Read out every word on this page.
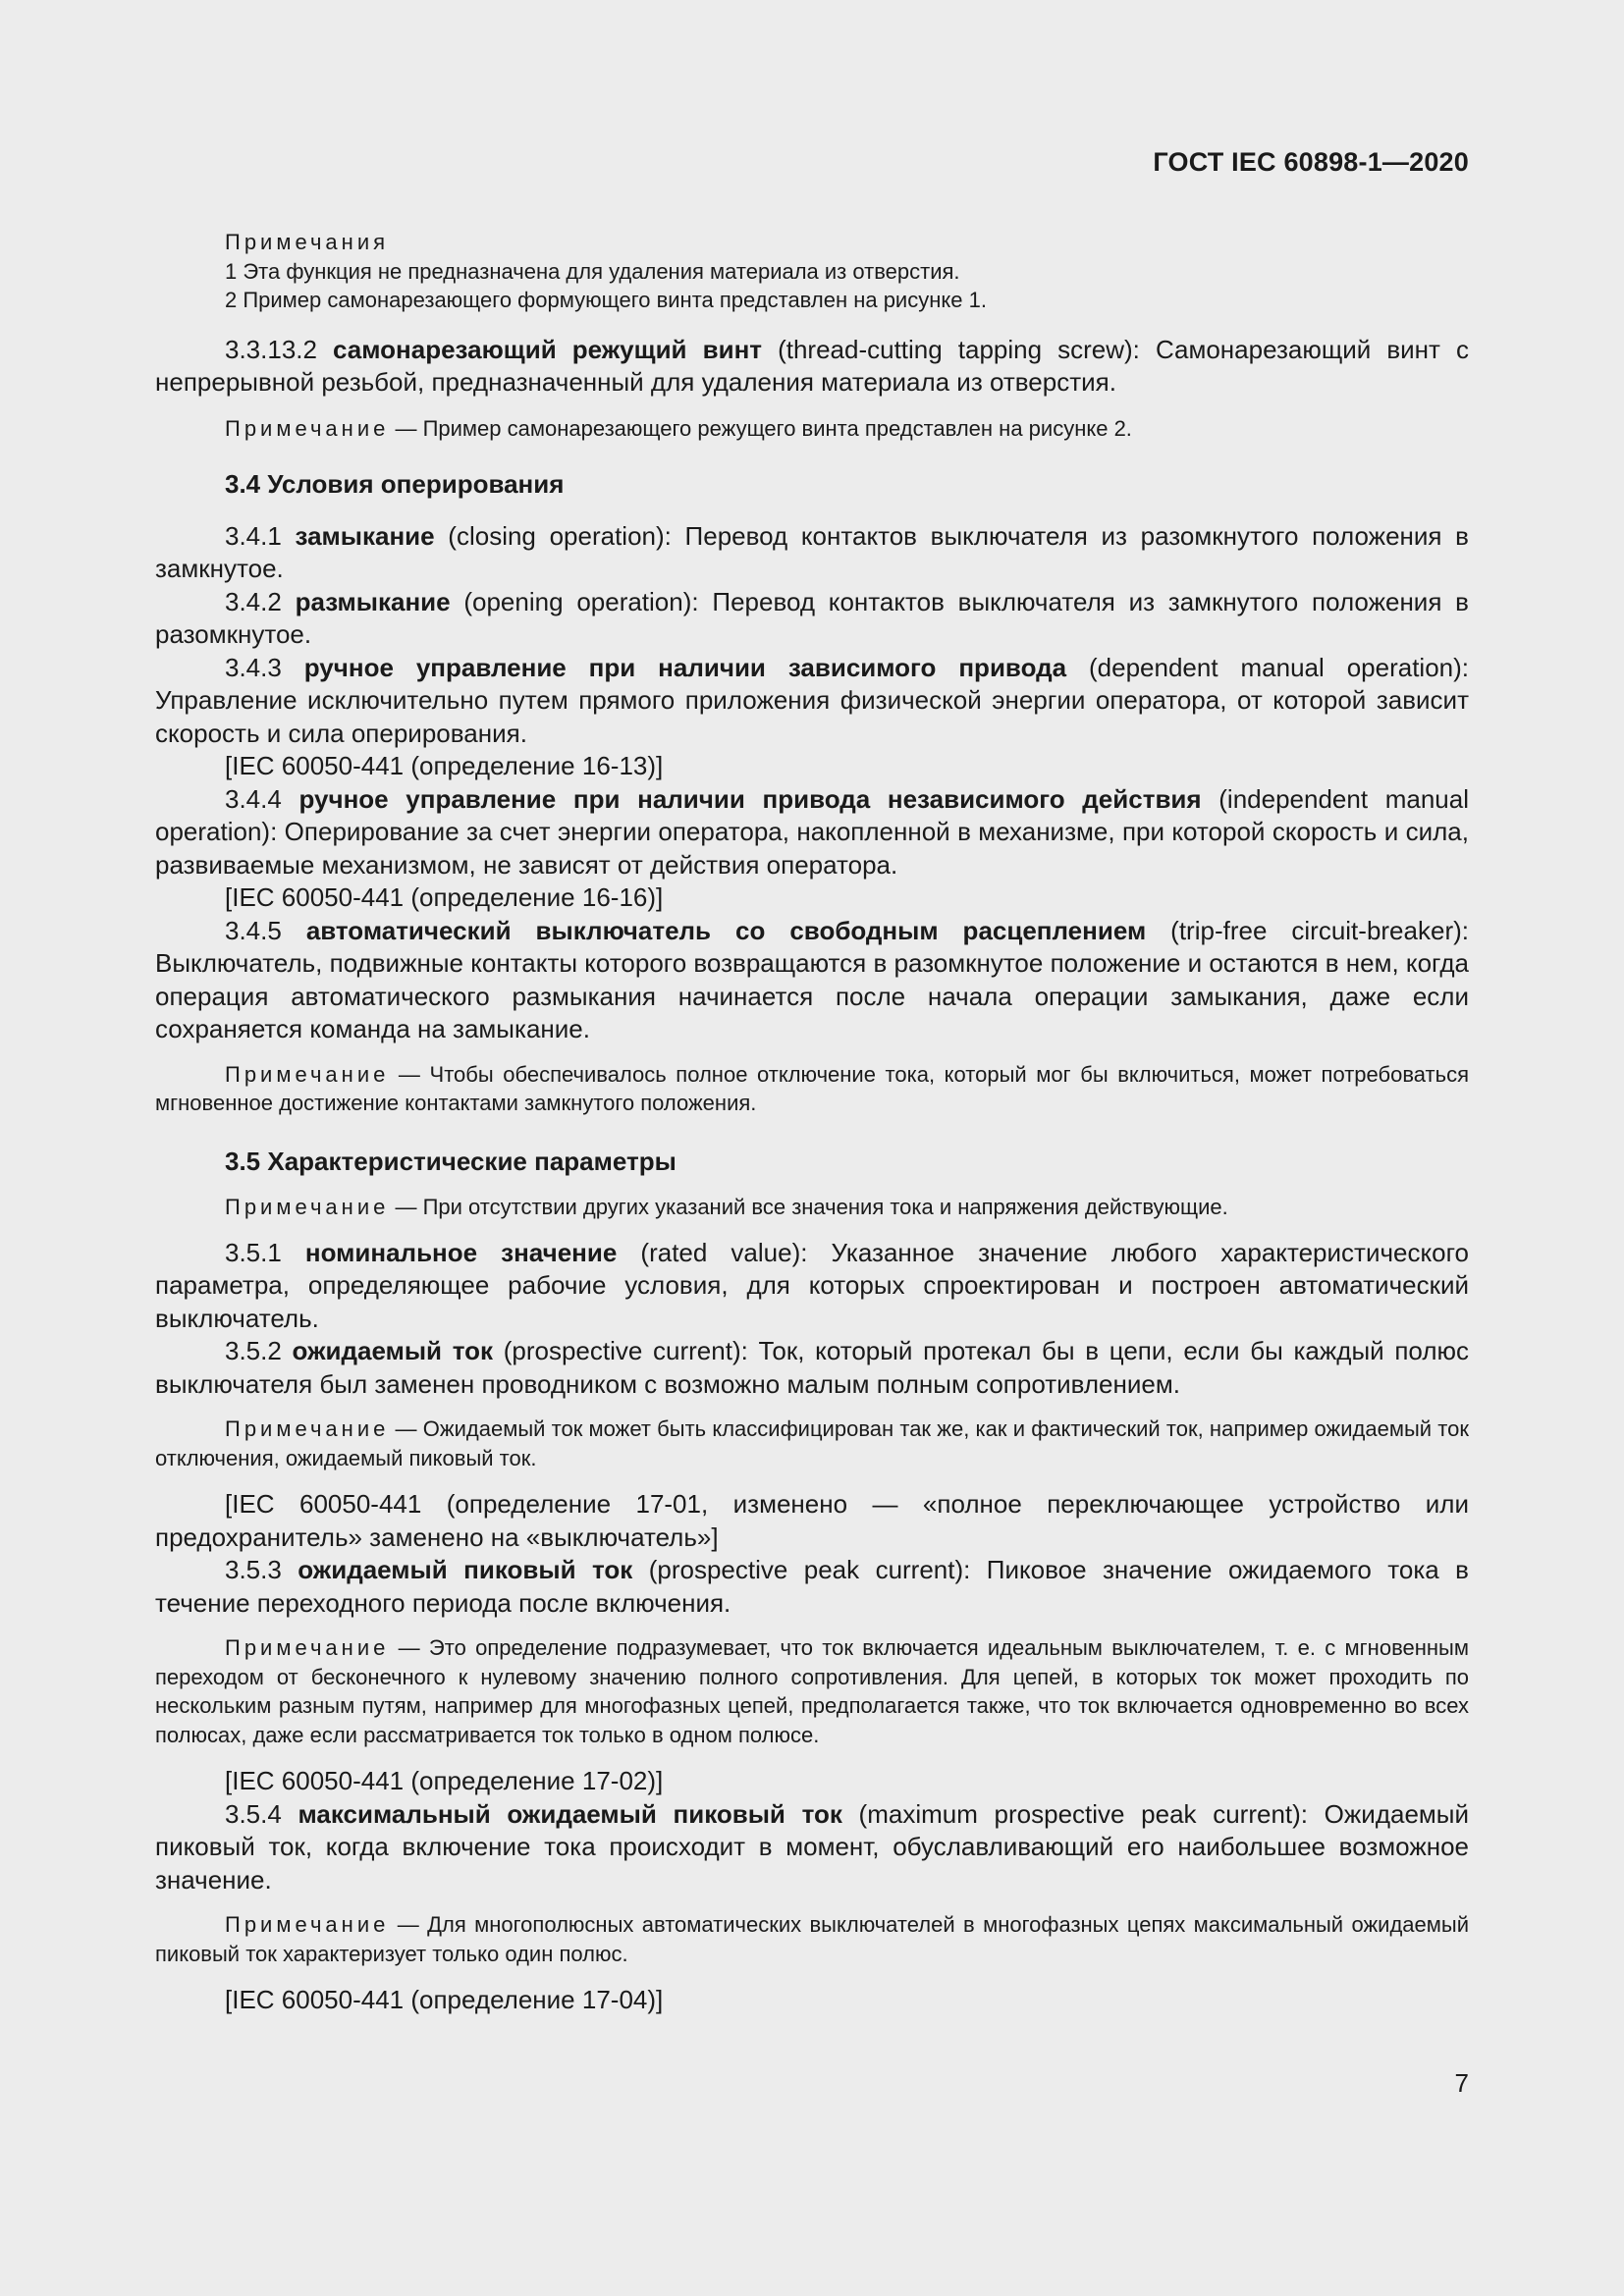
ГОСТ IEC 60898-1—2020
Примечания
1 Эта функция не предназначена для удаления материала из отверстия.
2 Пример самонарезающего формующего винта представлен на рисунке 1.

3.3.13.2 самонарезающий режущий винт (thread-cutting tapping screw): Самонарезающий винт с непрерывной резьбой, предназначенный для удаления материала из отверстия.

Примечание — Пример самонарезающего режущего винта представлен на рисунке 2.

3.4 Условия оперирования

3.4.1 замыкание (closing operation): Перевод контактов выключателя из разомкнутого положения в замкнутое.

3.4.2 размыкание (opening operation): Перевод контактов выключателя из замкнутого положения в разомкнутое.

3.4.3 ручное управление при наличии зависимого привода (dependent manual operation): Управление исключительно путем прямого приложения физической энергии оператора, от которой зависит скорость и сила оперирования.

[IEC 60050-441 (определение 16-13)]

3.4.4 ручное управление при наличии привода независимого действия (independent manual operation): Оперирование за счет энергии оператора, накопленной в механизме, при которой скорость и сила, развиваемые механизмом, не зависят от действия оператора.

[IEC 60050-441 (определение 16-16)]

3.4.5 автоматический выключатель со свободным расцеплением (trip-free circuit-breaker): Выключатель, подвижные контакты которого возвращаются в разомкнутое положение и остаются в нем, когда операция автоматического размыкания начинается после начала операции замыкания, даже если сохраняется команда на замыкание.

Примечание — Чтобы обеспечивалось полное отключение тока, который мог бы включиться, может потребоваться мгновенное достижение контактами замкнутого положения.

3.5 Характеристические параметры

Примечание — При отсутствии других указаний все значения тока и напряжения действующие.

3.5.1 номинальное значение (rated value): Указанное значение любого характеристического параметра, определяющее рабочие условия, для которых спроектирован и построен автоматический выключатель.

3.5.2 ожидаемый ток (prospective current): Ток, который протекал бы в цепи, если бы каждый полюс выключателя был заменен проводником с возможно малым полным сопротивлением.

Примечание — Ожидаемый ток может быть классифицирован так же, как и фактический ток, например ожидаемый ток отключения, ожидаемый пиковый ток.

[IEC 60050-441 (определение 17-01, изменено — «полное переключающее устройство или предохранитель» заменено на «выключатель»]

3.5.3 ожидаемый пиковый ток (prospective peak current): Пиковое значение ожидаемого тока в течение переходного периода после включения.

Примечание — Это определение подразумевает, что ток включается идеальным выключателем, т. е. с мгновенным переходом от бесконечного к нулевому значению полного сопротивления. Для цепей, в которых ток может проходить по нескольким разным путям, например для многофазных цепей, предполагается также, что ток включается одновременно во всех полюсах, даже если рассматривается ток только в одном полюсе.

[IEC 60050-441 (определение 17-02)]

3.5.4 максимальный ожидаемый пиковый ток (maximum prospective peak current): Ожидаемый пиковый ток, когда включение тока происходит в момент, обуславливающий его наибольшее возможное значение.

Примечание — Для многополюсных автоматических выключателей в многофазных цепях максимальный ожидаемый пиковый ток характеризует только один полюс.

[IEC 60050-441 (определение 17-04)]
7
